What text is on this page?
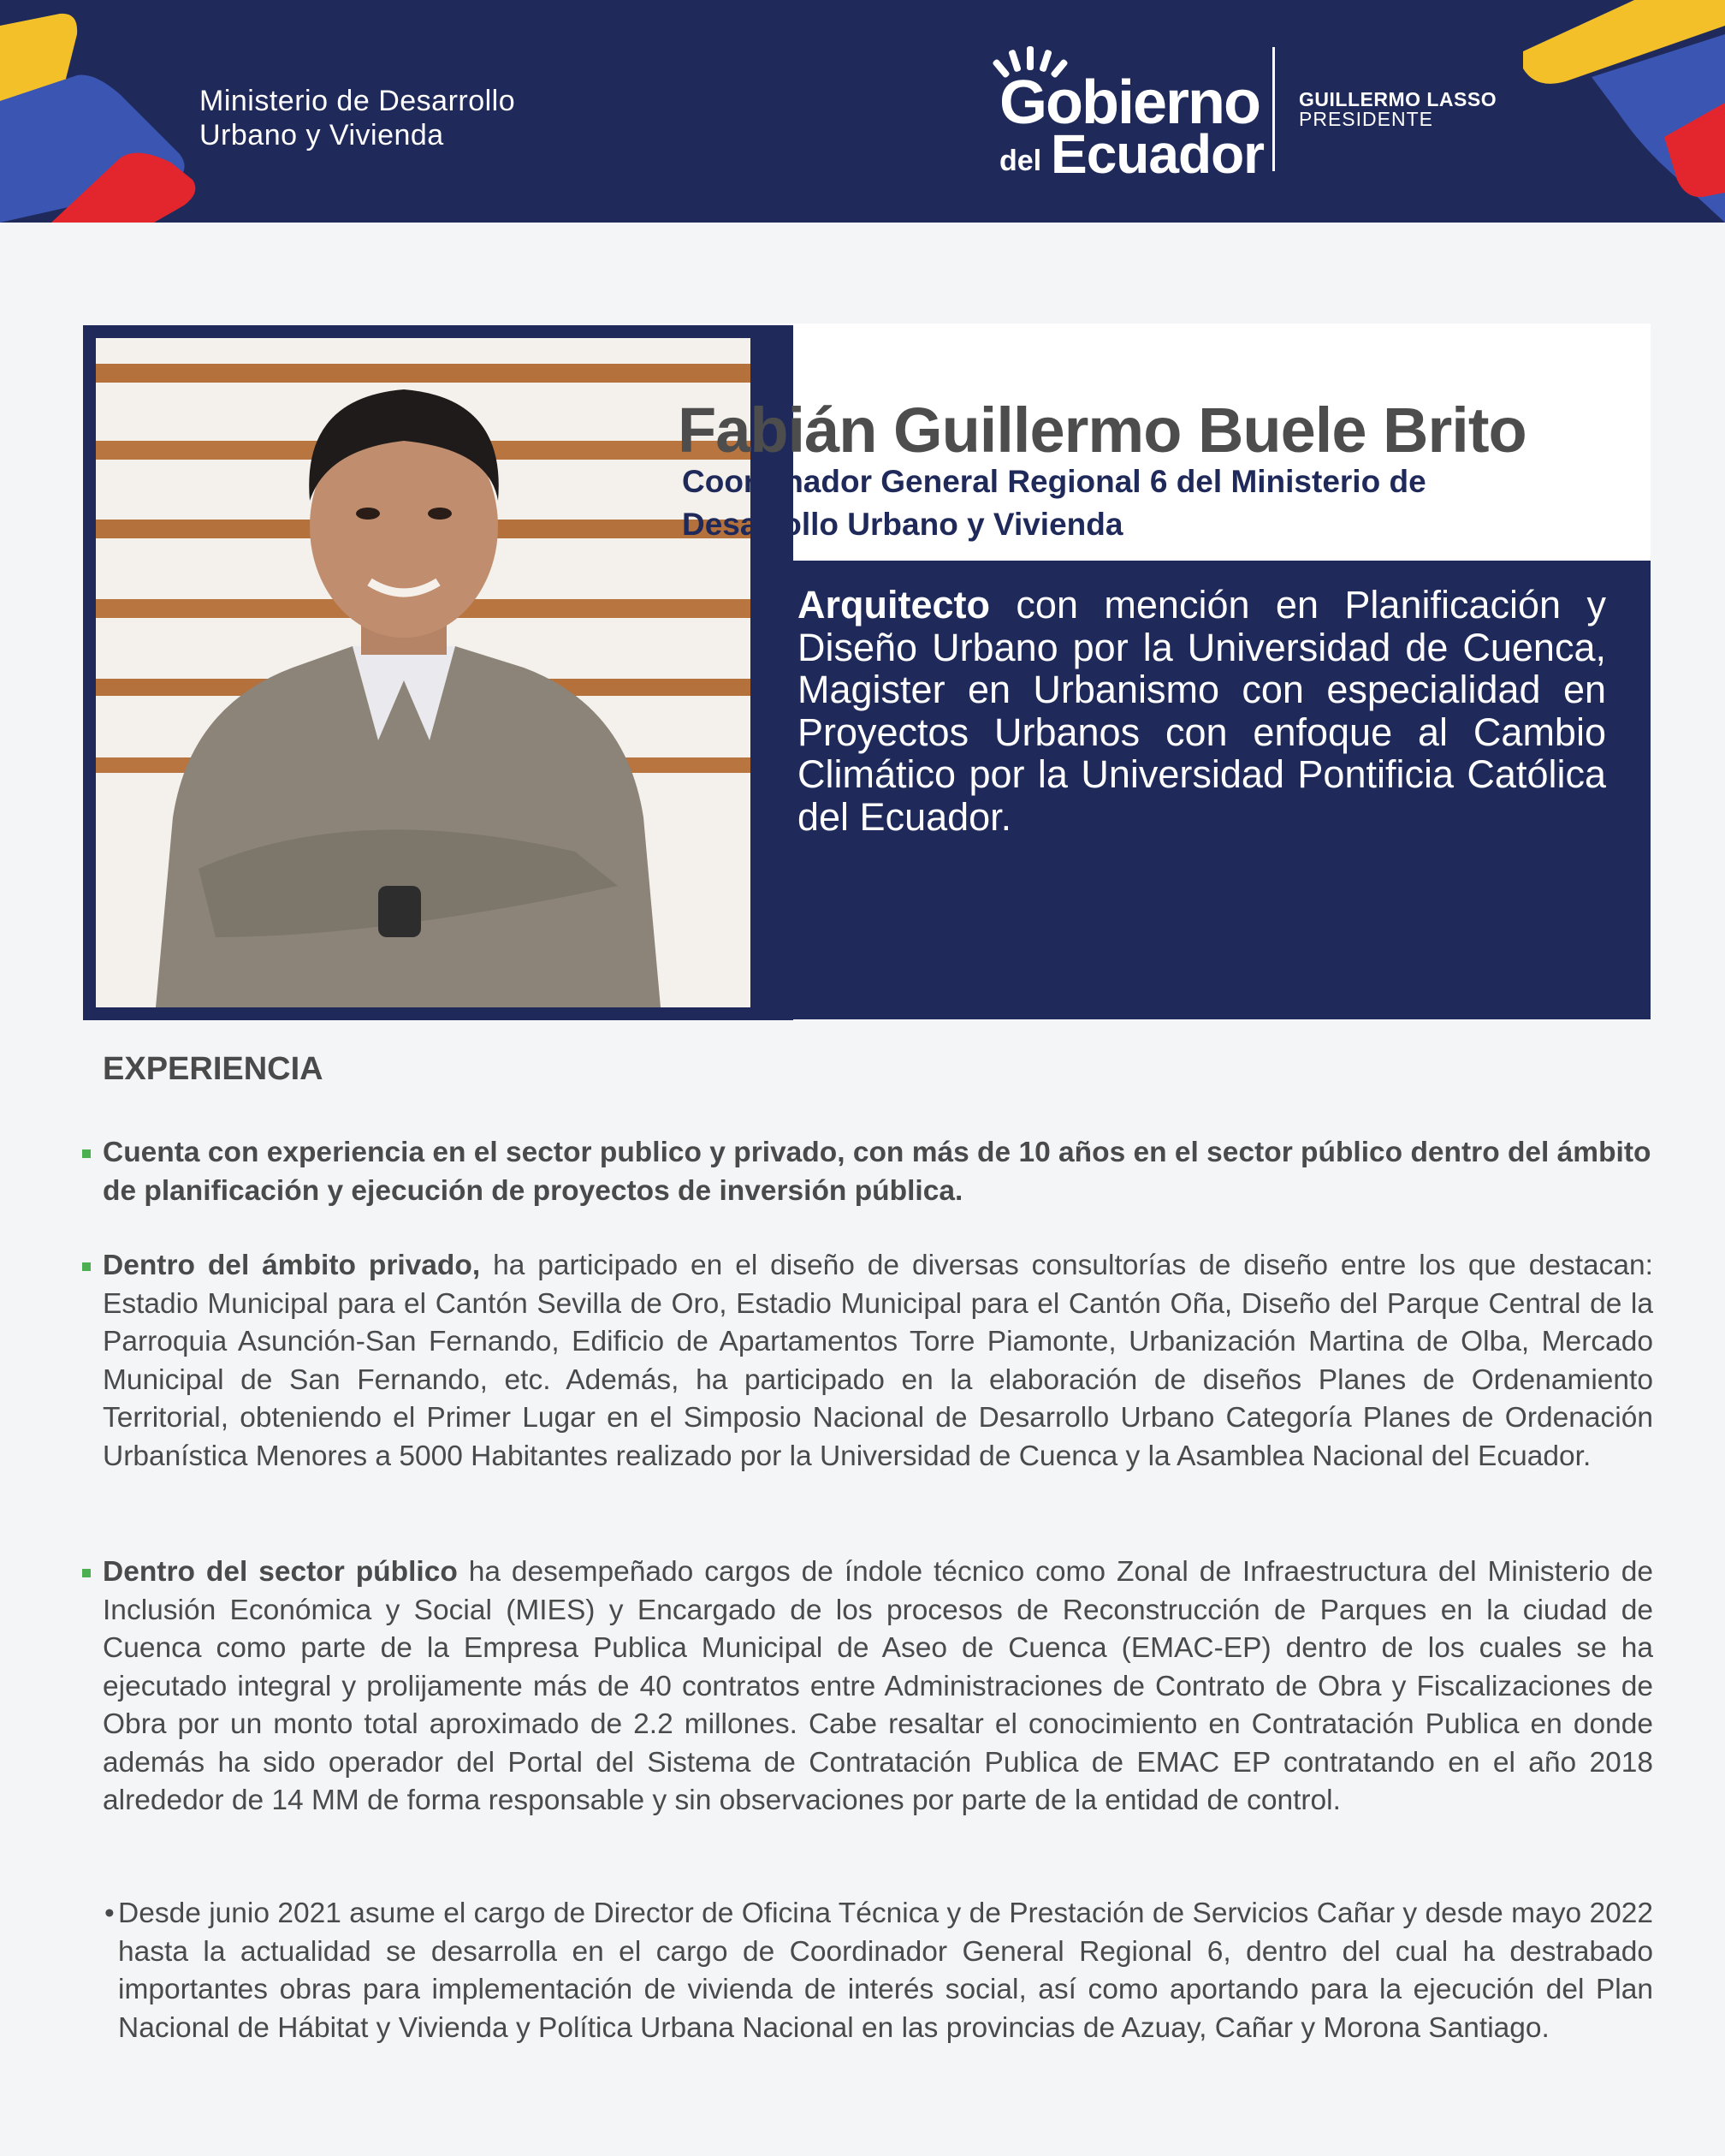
Ministerio de Desarrollo
Urbano y Vivienda	Gobierno
del Ecuador
GUILLERMO LASSO
PRESIDENTE
Fabián Guillermo Buele Brito
Coordinador General Regional 6 del Ministerio de Desarrollo Urbano y Vivienda
Arquitecto con mención en Planificación y Diseño Urbano por la Universidad de Cuenca, Magister en Urbanismo con especialidad en Proyectos Urbanos con enfoque al Cambio Climático por la Universidad Pontificia Católica del Ecuador.
EXPERIENCIA
Cuenta con experiencia en el sector publico y privado, con más de 10 años en el sector público dentro del ámbito de planificación y ejecución de proyectos de inversión pública.
Dentro del ámbito privado, ha participado en el diseño de diversas consultorías de diseño entre los que destacan: Estadio Municipal para el Cantón Sevilla de Oro, Estadio Municipal para el Cantón Oña, Diseño del Parque Central de la Parroquia Asunción-San Fernando, Edificio de Apartamentos Torre Piamonte, Urbanización Martina de Olba, Mercado Municipal de San Fernando, etc. Además, ha participado en la elaboración de diseños Planes de Ordenamiento Territorial, obteniendo el Primer Lugar en el Simposio Nacional de Desarrollo Urbano Categoría Planes de Ordenación Urbanística Menores a 5000 Habitantes realizado por la Universidad de Cuenca y la Asamblea Nacional del Ecuador.
Dentro del sector público ha desempeñado cargos de índole técnico como Zonal de Infraestructura del Ministerio de Inclusión Económica y Social (MIES) y Encargado de los procesos de Reconstrucción de Parques en la ciudad de Cuenca como parte de la Empresa Publica Municipal de Aseo de Cuenca (EMAC-EP) dentro de los cuales se ha ejecutado integral y prolijamente más de 40 contratos entre Administraciones de Contrato de Obra y Fiscalizaciones de Obra por un monto total aproximado de 2.2 millones. Cabe resaltar el conocimiento en Contratación Publica en donde además ha sido operador del Portal del Sistema de Contratación Publica de EMAC EP contratando en el año 2018 alrededor de 14 MM de forma responsable y sin observaciones por parte de la entidad de control.
• Desde junio 2021 asume el cargo de Director de Oficina Técnica y de Prestación de Servicios Cañar y desde mayo 2022 hasta la actualidad se desarrolla en el cargo de Coordinador General Regional 6, dentro del cual ha destrabado importantes obras para implementación de vivienda de interés social, así como aportando para la ejecución del Plan Nacional de Hábitat y Vivienda y Política Urbana Nacional en las provincias de Azuay, Cañar y Morona Santiago.
